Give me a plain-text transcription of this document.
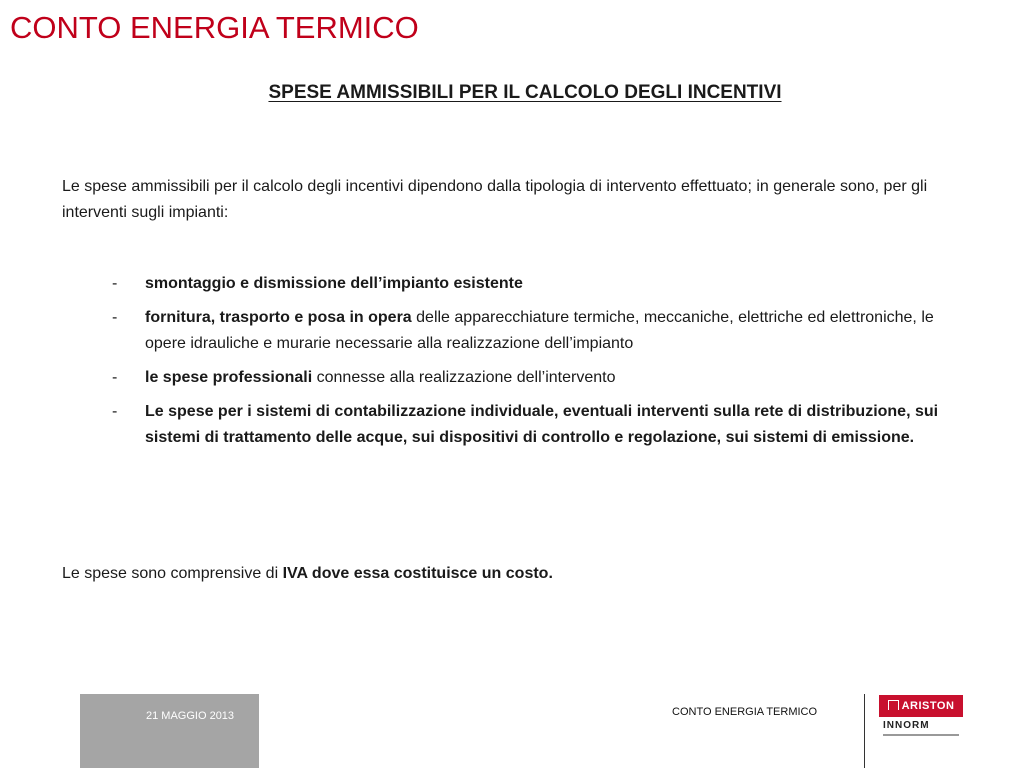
CONTO ENERGIA TERMICO
SPESE AMMISSIBILI PER IL CALCOLO DEGLI INCENTIVI
Le spese ammissibili per il calcolo degli incentivi dipendono dalla tipologia di intervento effettuato; in generale sono, per gli interventi sugli impianti:
- smontaggio e dismissione dell’impianto esistente
- fornitura, trasporto e posa in opera delle apparecchiature termiche, meccaniche, elettriche ed elettroniche, le opere idrauliche e murarie necessarie alla realizzazione dell’impianto
- le spese professionali connesse alla realizzazione dell’intervento
- Le spese per i sistemi di contabilizzazione individuale, eventuali interventi sulla rete di distribuzione, sui sistemi di trattamento delle acque, sui dispositivi di controllo e regolazione, sui sistemi di emissione.
Le spese sono comprensive di IVA dove essa costituisce un costo.
21 MAGGIO 2013	CONTO ENERGIA TERMICO	ARISTON
INNORM
